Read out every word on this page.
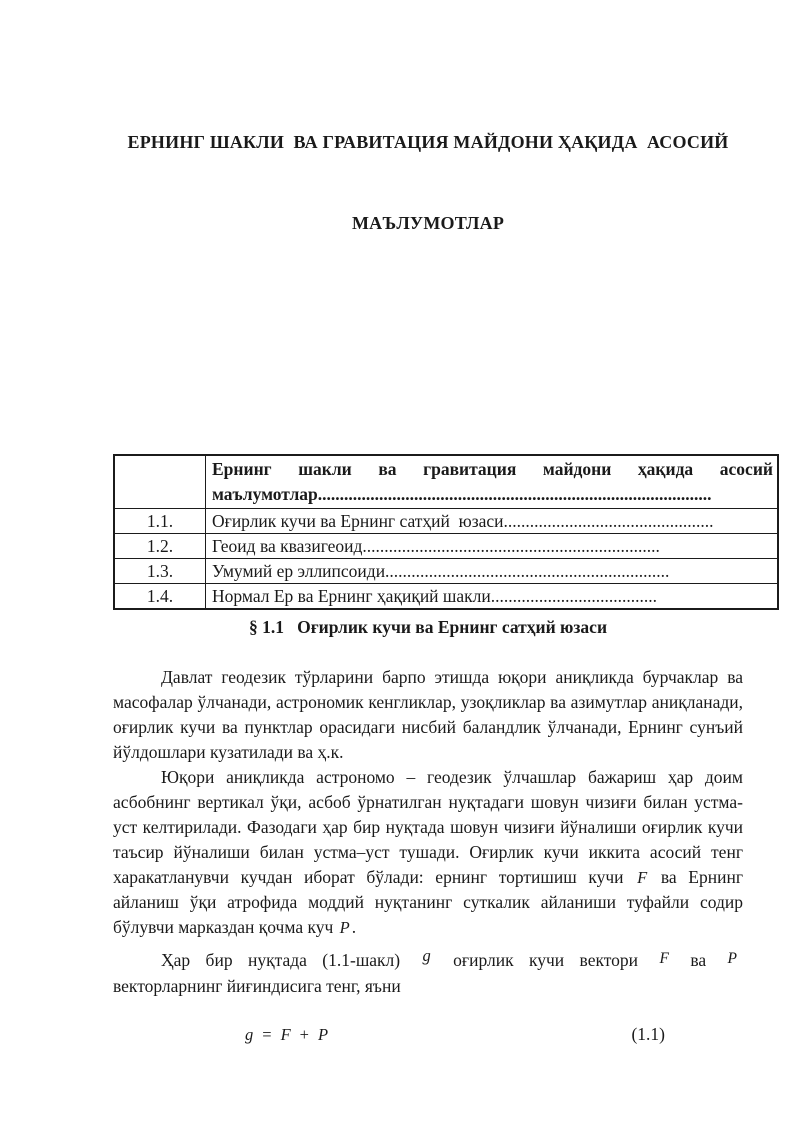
ЕРНИНГ ШАКЛИ  ВА ГРАВИТАЦИЯ МАЙДОНИ ҲАҚИДА  АСОСИЙ

МАЪЛУМОТЛАР

	Ернинг шакли ва гравитация майдони ҳақида асосий
маълумотлар..........................................................................................

1.1.	Оғирлик кучи ва Ернинг сатҳий  юзаси................................................
1.2.	Геоид ва квазигеоид....................................................................
1.3.	Умумий ер эллипсоиди.................................................................
1.4.	Нормал Ер ва Ернинг ҳақиқий шакли......................................
§ 1.1   Оғирлик кучи ва Ернинг сатҳий юзаси

Давлат геодезик тўрларини барпо этишда юқори аниқликда бурчаклар ва масофалар ўлчанади, астрономик кенгликлар, узоқликлар ва азимутлар аниқланади, оғирлик кучи ва пунктлар орасидаги нисбий баландлик ўлчанади, Ернинг сунъий йўлдошлари кузатилади ва ҳ.к.

Юқори аниқликда астрономо – геодезик ўлчашлар бажариш ҳар доим асбобнинг вертикал ўқи, асбоб ўрнатилган нуқтадаги шовун чизиғи билан устма-уст келтирилади. Фазодаги ҳар бир нуқтада шовун чизиғи йўналиши оғирлик кучи таъсир йўналиши билан устма–уст тушади. Оғирлик кучи иккита асосий тенг харакатланувчи кучдан иборат бўлади: ернинг тортишиш кучи F ва Ернинг айланиш ўқи атрофида моддий нуқтанинг суткалик айланиши туфайли содир бўлувчи марказдан қочма куч P .

Ҳар бир нуқтада (1.1-шакл) g оғирлик кучи вектори F ва P векторларнинг йиғиндисига тенг, яъни

g = F + P	(1.1)
